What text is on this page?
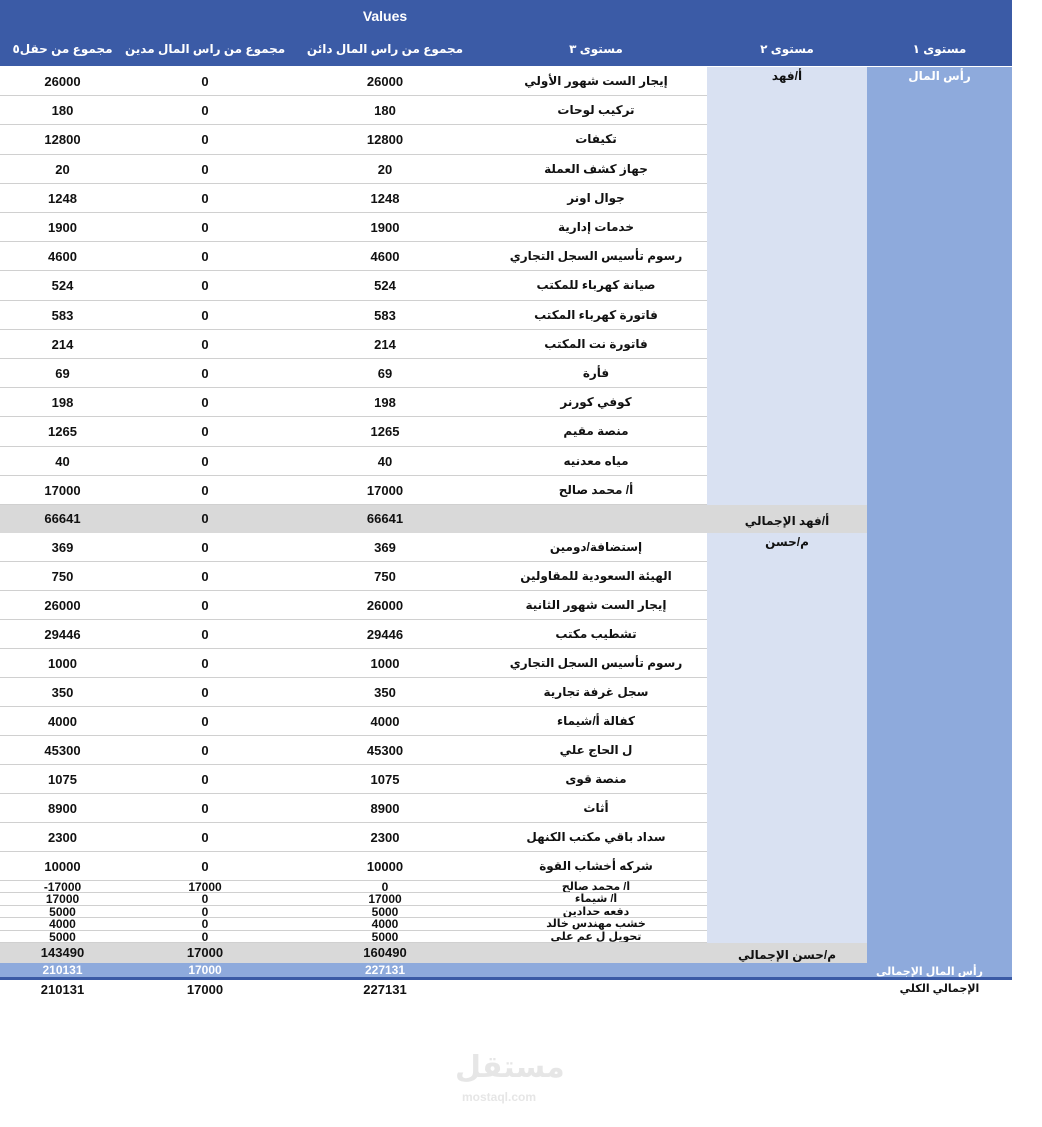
Values
مجموع من حقل٥	مجموع من راس المال مدين	مجموع من راس المال دائن	مستوى ٣	مستوى ٢	مستوى ١
26000	0	26000	إيجار الست شهور الأولي
180	0	180	تركيب لوحات
12800	0	12800	تكيفات
20	0	20	جهاز كشف العملة
1248	0	1248	جوال اونر
1900	0	1900	خدمات إدارية
4600	0	4600	رسوم تأسيس السجل التجاري
524	0	524	صيانة كهرباء للمكتب
583	0	583	فاتورة كهرباء المكتب
214	0	214	فاتورة نت المكتب
69	0	69	فأرة
198	0	198	كوفي كورنر
1265	0	1265	منصة مقيم
40	0	40	مياه معدنيه
17000	0	17000	أ/ محمد صالح
أ/فهد
66641	0	66641	أ/فهد الإجمالي
369	0	369	إستضافة/دومين
750	0	750	الهيئة السعودية للمقاولين
26000	0	26000	إيجار الست شهور الثانية
29446	0	29446	تشطيب مكتب
1000	0	1000	رسوم تأسيس السجل التجاري
350	0	350	سجل غرفة تجارية
4000	0	4000	كفالة أ/شيماء
45300	0	45300	ل الحاج علي
1075	0	1075	منصة قوى
8900	0	8900	أثاث
2300	0	2300	سداد باقي مكتب الكنهل
10000	0	10000	شركه أخشاب القوة
-17000	17000	0	أ/ محمد صالح
17000	0	17000	أ/ شيماء
5000	0	5000	دفعه حدادين
4000	0	4000	خشب مهندس خالد
5000	0	5000	تحويل ل عم علي
م/حسن
143490	17000	160490	م/حسن الإجمالي
رأس المال
210131	17000	227131	رأس المال الإجمالي
210131	17000	227131	الإجمالي الكلي
مستقل
mostaql.com
